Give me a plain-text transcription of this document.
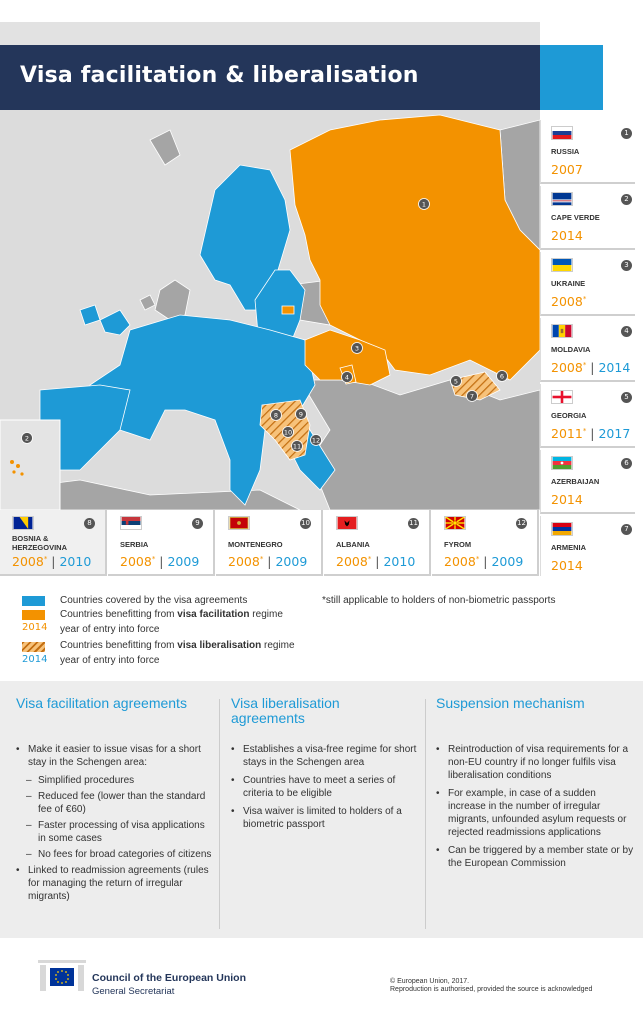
Visa facilitation & liberalisation
1
2
3
4	5
6
7
8	9
10
11
12
1
RUSSIA
2007
2
CAPE VERDE
2014
3
UKRAINE
2008*
4
MOLDAVIA
2008* | 2014
5
GEORGIA
2011* | 2017
6
AZERBAIJAN
2014
7
ARMENIA
2014
8
BOSNIA & HERZEGOVINA
2008* | 2010
9
SERBIA
2008* | 2009
10
MONTENEGRO
2008* | 2009
11
ALBANIA
2008* | 2010
12
FYROM
2008* | 2009
Countries covered by the visa agreements
Countries benefitting from visa facilitation regime
2014 year of entry into force
Countries benefitting from visa liberalisation regime
2014 year of entry into force
*still applicable to holders of non-biometric passports
Visa facilitation agreements
• Make it easier to issue visas for a short stay in the Schengen area:
– Simplified procedures
– Reduced fee (lower than the standard fee of €60)
– Faster processing of visa applications in some cases
– No fees for broad categories of citizens
• Linked to readmission agreements (rules for managing the return of irregular migrants)
Visa liberalisation agreements
• Establishes a visa-free regime for short stays in the Schengen area
• Countries have to meet a series of criteria to be eligible
• Visa waiver is limited to holders of a biometric passport
Suspension mechanism
• Reintroduction of visa requirements for a non-EU country if no longer fulfils visa liberalisation conditions
• For example, in case of a sudden increase in the number of irregular migrants, unfounded asylum requests or rejected readmissions applications
• Can be triggered by a member state or by the European Commission
Council of the European Union
General Secretariat
© European Union, 2017.
Reproduction is authorised, provided the source is acknowledged
